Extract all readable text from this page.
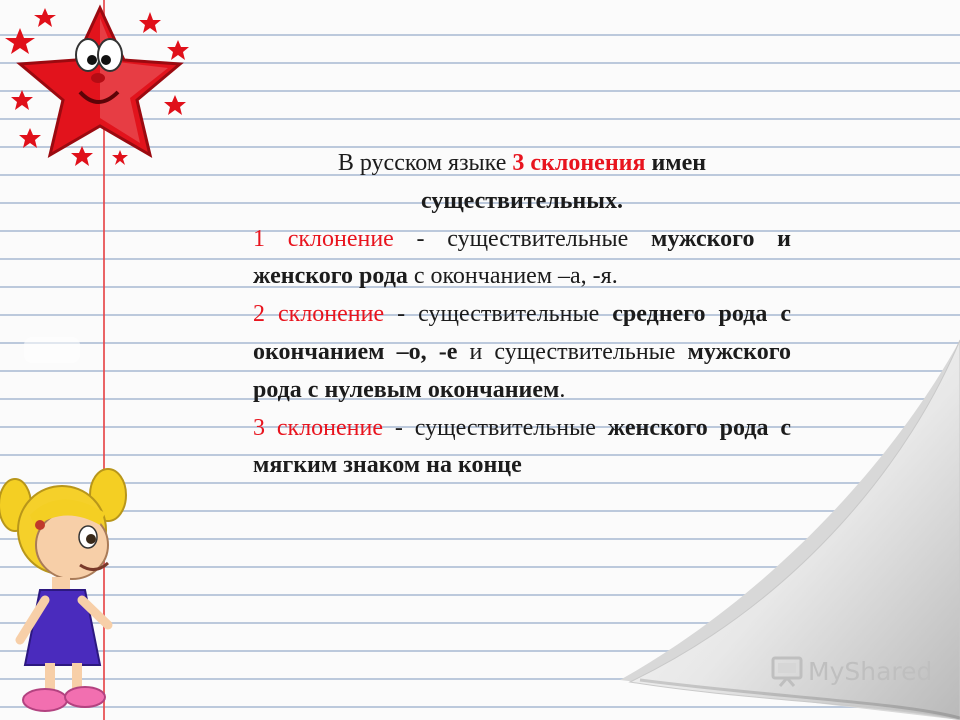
В русском языке 3 склонения имен существительных.

1 склонение - существительные мужского и женского рода с окончанием –а, -я.

2 склонение - существительные среднего рода с окончанием –о, -е и существительные мужского рода с нулевым окончанием.

3 склонение - существительные женского рода с мягким знаком на конце

MyShared
